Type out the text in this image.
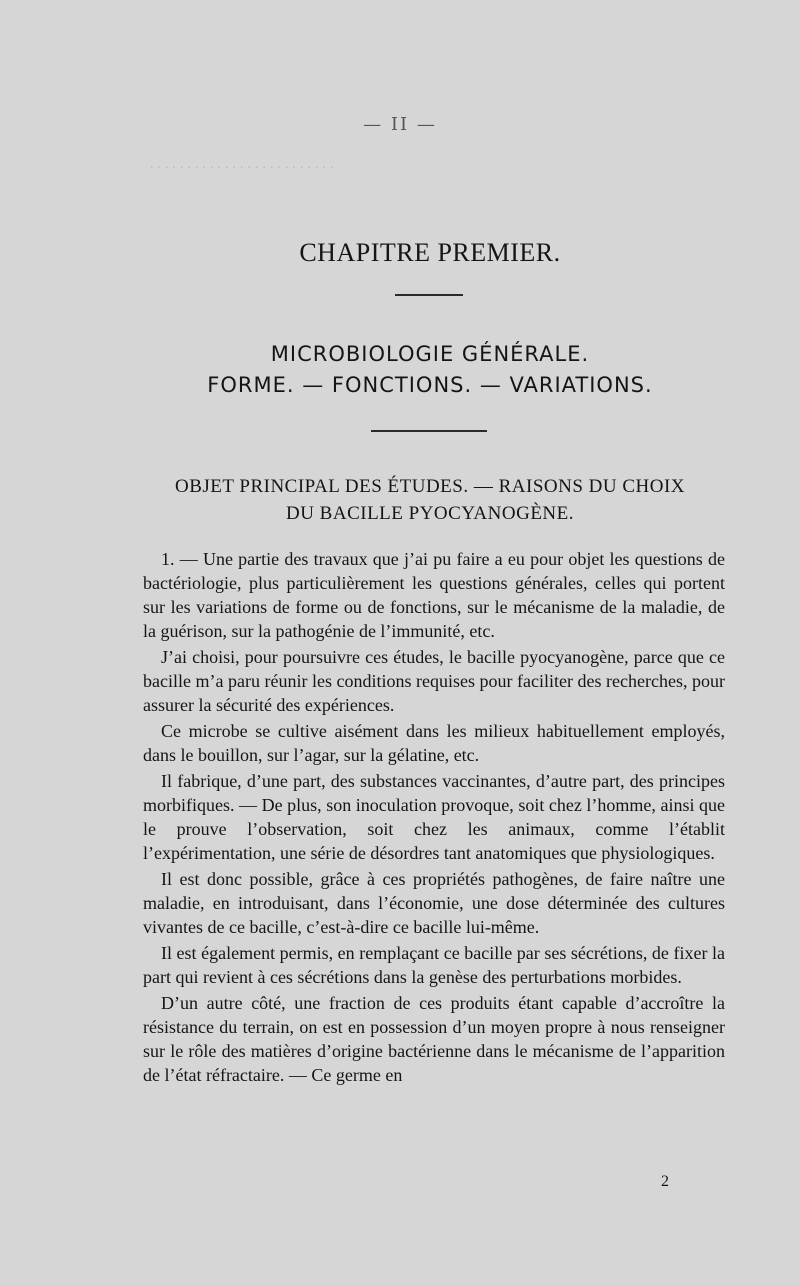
· · · · · · · · · · · · · · · · · · · · · · · · ·
— II —
CHAPITRE PREMIER.
MICROBIOLOGIE GÉNÉRALE.
FORME. — FONCTIONS. — VARIATIONS.
OBJET PRINCIPAL DES ÉTUDES. — RAISONS DU CHOIX
DU BACILLE PYOCYANOGÈNE.

1. — Une partie des travaux que j’ai pu faire a eu pour objet les questions de bactériologie, plus particulièrement les questions générales, celles qui portent sur les variations de forme ou de fonctions, sur le mécanisme de la maladie, de la guérison, sur la pathogénie de l’immunité, etc.

J’ai choisi, pour poursuivre ces études, le bacille pyocyanogène, parce que ce bacille m’a paru réunir les conditions requises pour faciliter des recherches, pour assurer la sécurité des expériences.

Ce microbe se cultive aisément dans les milieux habituellement employés, dans le bouillon, sur l’agar, sur la gélatine, etc.

Il fabrique, d’une part, des substances vaccinantes, d’autre part, des principes morbifiques. — De plus, son inoculation provoque, soit chez l’homme, ainsi que le prouve l’observation, soit chez les animaux, comme l’établit l’expérimentation, une série de désordres tant anatomiques que physiologiques.

Il est donc possible, grâce à ces propriétés pathogènes, de faire naître une maladie, en introduisant, dans l’économie, une dose déterminée des cultures vivantes de ce bacille, c’est-à-dire ce bacille lui-même.

Il est également permis, en remplaçant ce bacille par ses sécrétions, de fixer la part qui revient à ces sécrétions dans la genèse des perturbations morbides.

D’un autre côté, une fraction de ces produits étant capable d’accroître la résistance du terrain, on est en possession d’un moyen propre à nous renseigner sur le rôle des matières d’origine bactérienne dans le mécanisme de l’apparition de l’état réfractaire. — Ce germe en

2
